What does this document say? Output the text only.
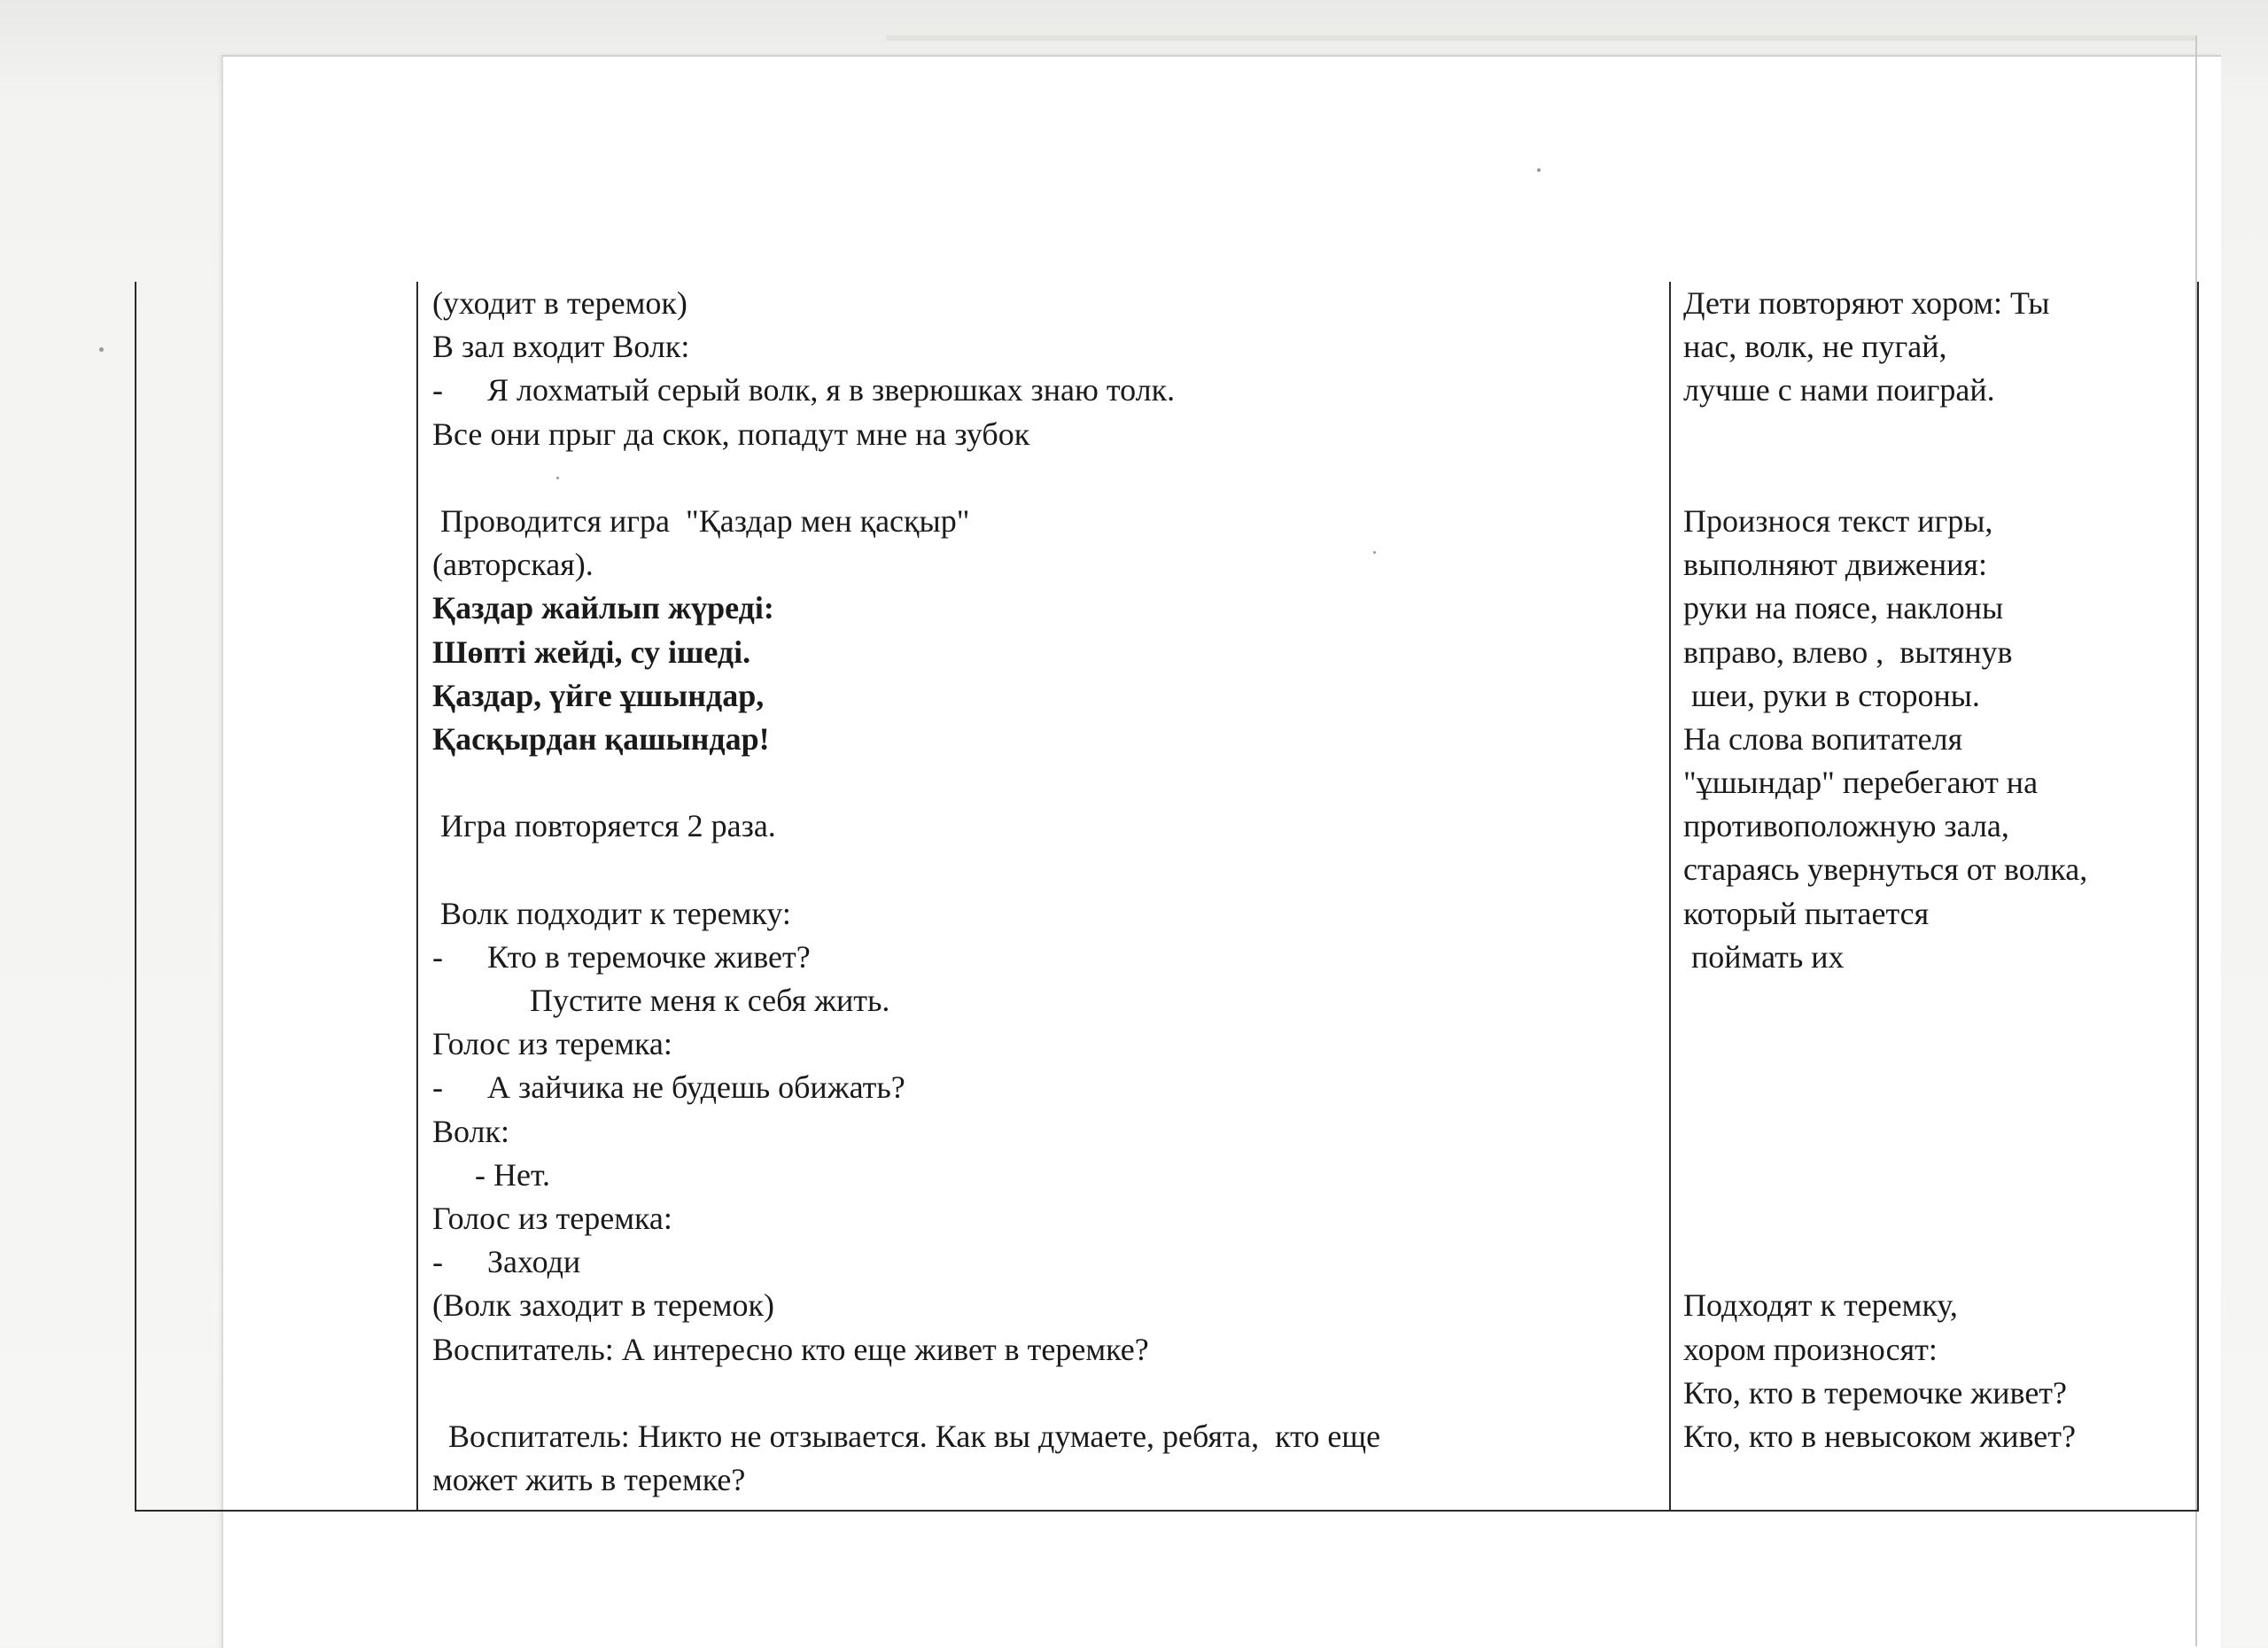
(уходит в теремок)
В зал входит Волк:
- Я лохматый серый волк, я в зверюшках знаю толк.
Все они прыг да скок, попадут мне на зубок
Проводится игра  "Қаздар мен қасқыр"
(авторская).
Қаздар жайлып жүреді:
Шөпті жейді, су ішеді.
Қаздар, үйге ұшындар,
Қасқырдан қашындар!
Игра повторяется 2 раза.
Волк подходит к теремку:
- Кто в теремочке живет?
Пустите меня к себя жить.
Голос из теремка:
- А зайчика не будешь обижать?
Волк:
- Нет.
Голос из теремка:
- Заходи
(Волк заходит в теремок)
Воспитатель: А интересно кто еще живет в теремке?
Воспитатель: Никто не отзывается. Как вы думаете, ребята,  кто еще
может жить в теремке?
Дети повторяют хором: Ты
нас, волк, не пугай,
лучше с нами поиграй.
Произнося текст игры,
выполняют движения:
руки на поясе, наклоны
вправо, влево ,  вытянув
шеи, руки в стороны.
На слова вопитателя
"ұшындар" перебегают на
противоположную зала,
стараясь увернуться от волка,
который пытается
поймать их
Подходят к теремку,
хором произносят:
Кто, кто в теремочке живет?
Кто, кто в невысоком живет?
